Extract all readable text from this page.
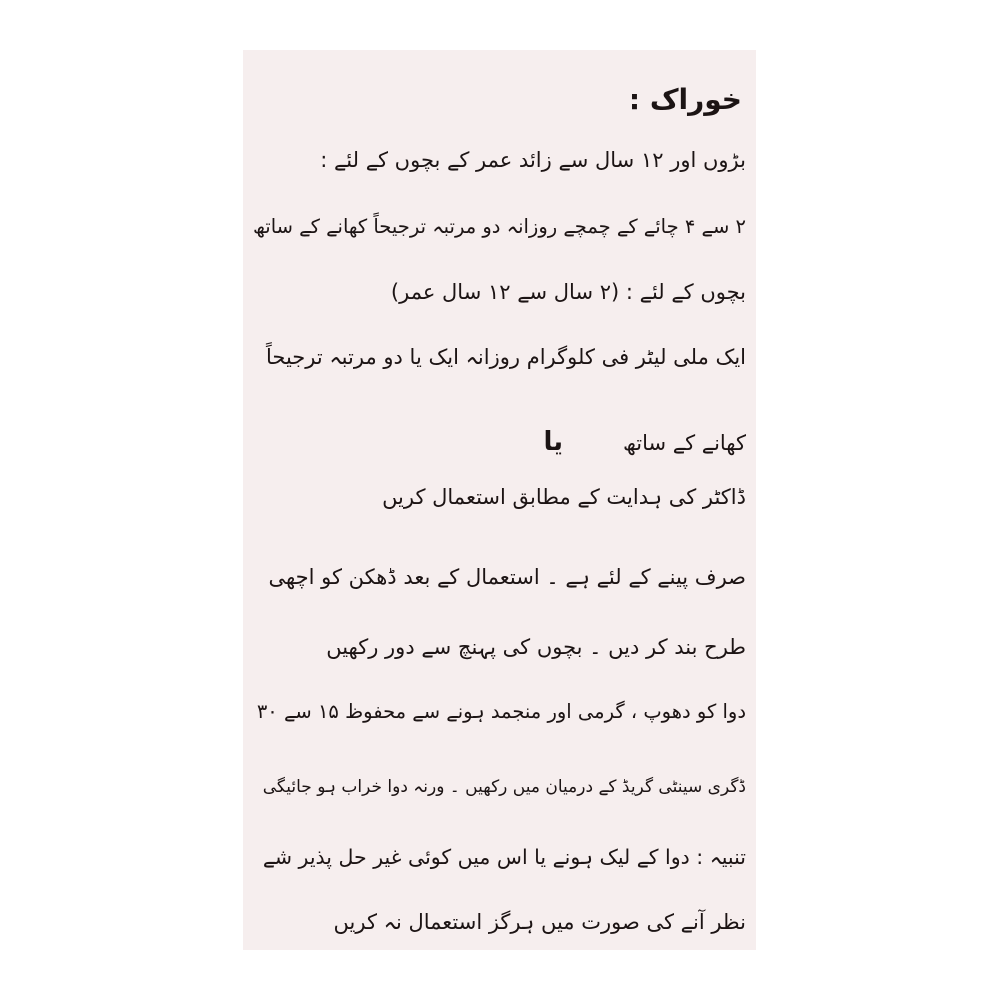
خوراک :
بڑوں اور ۱۲ سال سے زائد عمر کے بچوں کے لئے :
۲ سے ۴ چائے کے چمچے روزانہ دو مرتبہ ترجیحاً کھانے کے ساتھ
بچوں کے لئے : (۲ سال سے ۱۲ سال عمر)
ایک ملی لیٹر فی کلوگرام روزانہ ایک یا دو مرتبہ ترجیحاً
کھانے کے ساتھیا
ڈاکٹر کی ہدایت کے مطابق استعمال کریں
صرف پینے کے لئے ہے ۔ استعمال کے بعد ڈھکن کو اچھی
طرح بند کر دیں ۔ بچوں کی پہنچ سے دور رکھیں
دوا کو دھوپ ، گرمی اور منجمد ہونے سے محفوظ ۱۵ سے ۳۰
ڈگری سینٹی گریڈ کے درمیان میں رکھیں ۔ ورنہ دوا خراب ہو جائیگی
تنبیہ : دوا کے لیک ہونے یا اس میں کوئی غیر حل پذیر شے
نظر آنے کی صورت میں ہرگز استعمال نہ کریں
